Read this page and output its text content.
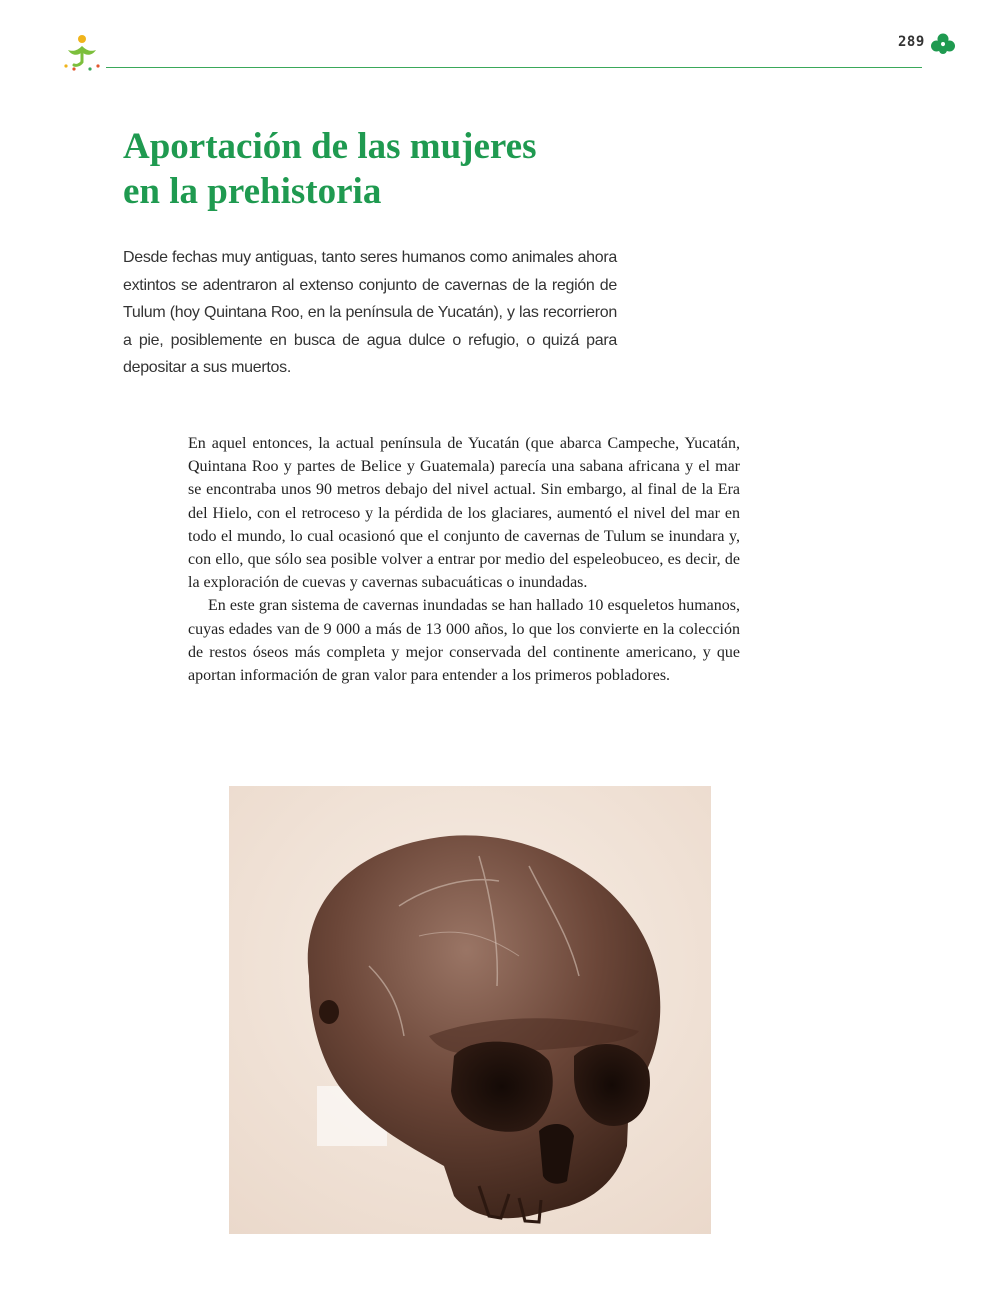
289
Aportación de las mujeres
en la prehistoria

Desde fechas muy antiguas, tanto seres humanos como animales ahora extintos se adentraron al extenso conjunto de cavernas de la región de Tulum (hoy Quintana Roo, en la península de Yucatán), y las recorrieron a pie, posiblemente en busca de agua dulce o refugio, o quizá para depositar a sus muertos.

En aquel entonces, la actual península de Yucatán (que abarca Campeche, Yucatán, Quintana Roo y partes de Belice y Guatemala) parecía una sabana africana y el mar se encontraba unos 90 metros debajo del nivel actual. Sin embargo, al final de la Era del Hielo, con el retroceso y la pérdida de los glaciares, aumentó el nivel del mar en todo el mundo, lo cual ocasionó que el conjunto de cavernas de Tulum se inundara y, con ello, que sólo sea posible volver a entrar por medio del espeleobuceo, es decir, de la exploración de cuevas y cavernas subacuáticas o inundadas.

En este gran sistema de cavernas inundadas se han hallado 10 esqueletos humanos, cuyas edades van de 9 000 a más de 13 000 años, lo que los convierte en la colección de restos óseos más completa y mejor conservada del continente americano, y que aportan información de gran valor para entender a los primeros pobladores.
